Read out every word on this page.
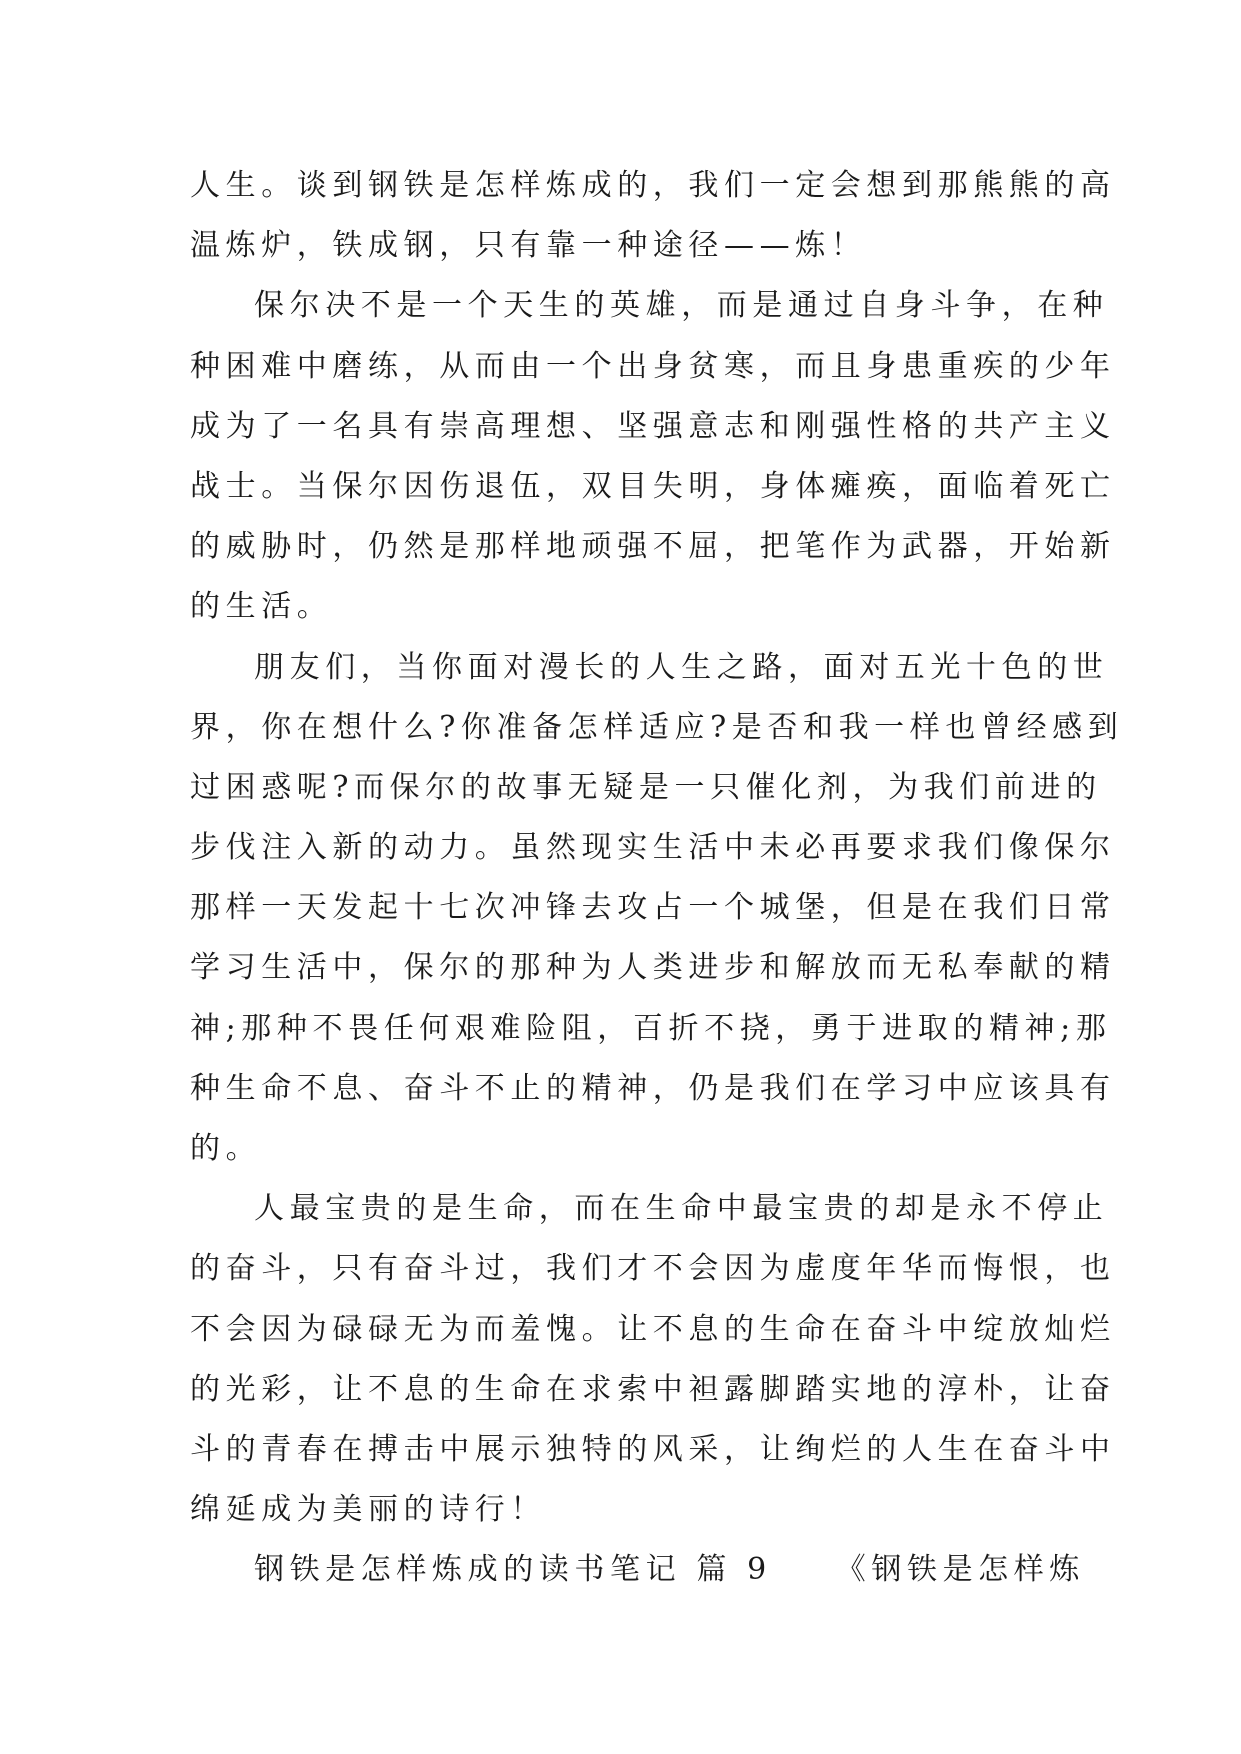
人生。谈到钢铁是怎样炼成的，我们一定会想到那熊熊的高
温炼炉，铁成钢，只有靠一种途径——炼！
保尔决不是一个天生的英雄，而是通过自身斗争，在种
种困难中磨练，从而由一个出身贫寒，而且身患重疾的少年
成为了一名具有崇高理想、坚强意志和刚强性格的共产主义
战士。当保尔因伤退伍，双目失明，身体瘫痪，面临着死亡
的威胁时，仍然是那样地顽强不屈，把笔作为武器，开始新
的生活。
朋友们，当你面对漫长的人生之路，面对五光十色的世
界，你在想什么?你准备怎样适应?是否和我一样也曾经感到
过困惑呢?而保尔的故事无疑是一只催化剂，为我们前进的
步伐注入新的动力。虽然现实生活中未必再要求我们像保尔
那样一天发起十七次冲锋去攻占一个城堡，但是在我们日常
学习生活中，保尔的那种为人类进步和解放而无私奉献的精
神;那种不畏任何艰难险阻，百折不挠，勇于进取的精神;那
种生命不息、奋斗不止的精神，仍是我们在学习中应该具有
的。
人最宝贵的是生命，而在生命中最宝贵的却是永不停止
的奋斗，只有奋斗过，我们才不会因为虚度年华而悔恨，也
不会因为碌碌无为而羞愧。让不息的生命在奋斗中绽放灿烂
的光彩，让不息的生命在求索中袒露脚踏实地的淳朴，让奋
斗的青春在搏击中展示独特的风采，让绚烂的人生在奋斗中
绵延成为美丽的诗行！
钢铁是怎样炼成的读书笔记 篇 9 《钢铁是怎样炼
